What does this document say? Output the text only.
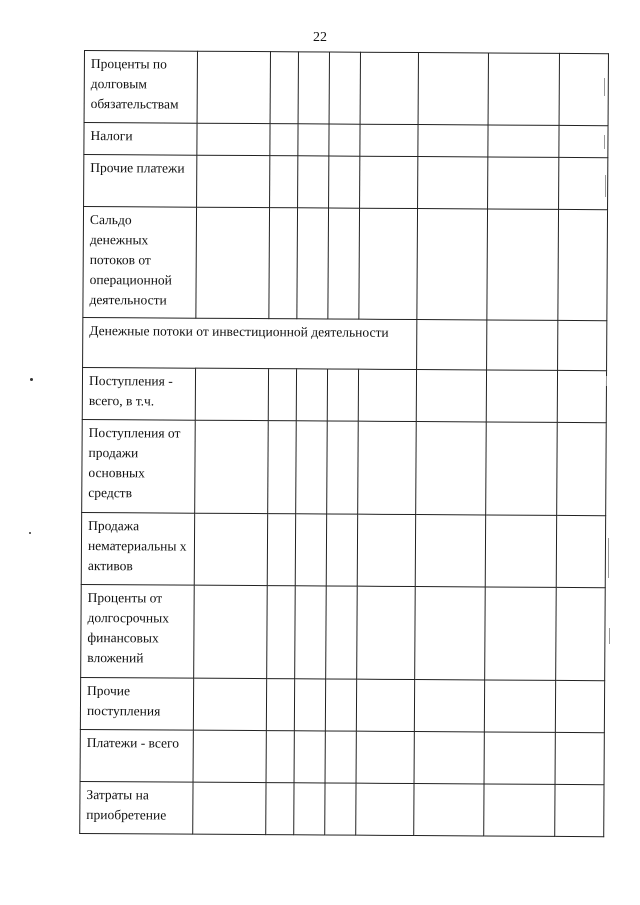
22
Проценты по долговым обязательствам								
Налоги								
Прочие платежи								
Сальдо денежных потоков от операционной деятельности								
Денежные потоки от инвестиционной деятельности								
Поступления - всего, в т.ч.								
Поступления от продажи основных средств								
Продажа нематериальны х активов								
Проценты от долгосрочных финансовых вложений								
Прочие поступления								
Платежи - всего								
Затраты на приобретение								
